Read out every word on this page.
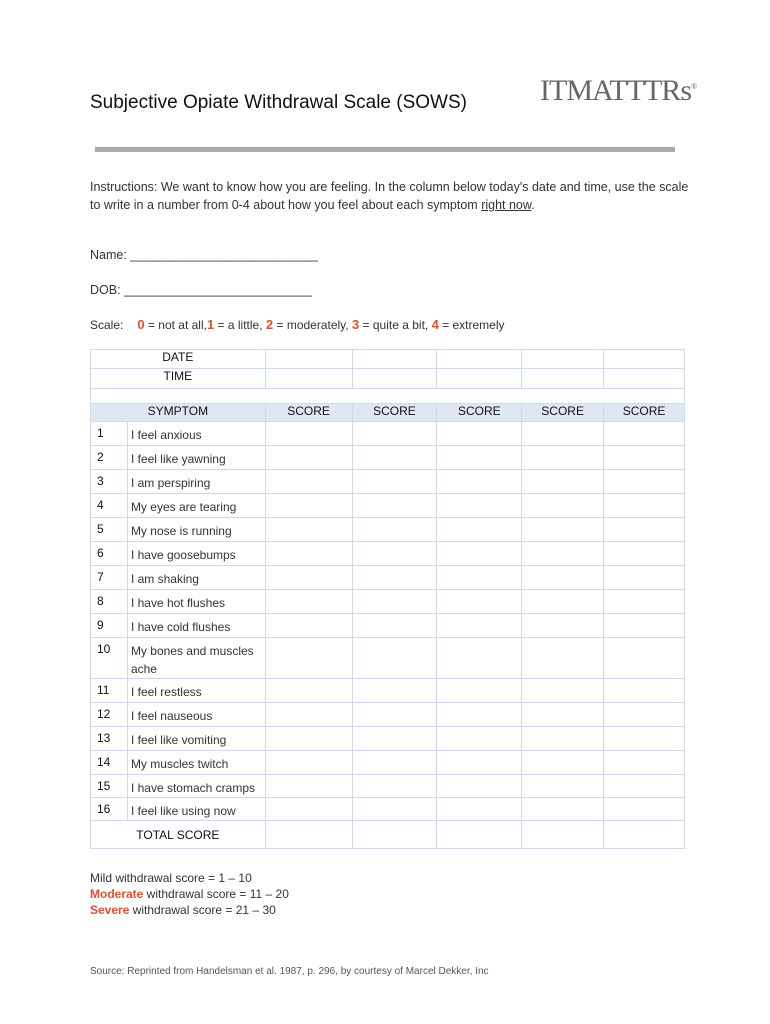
Subjective Opiate Withdrawal Scale (SOWS) ITMATTTRs®
Instructions: We want to know how you are feeling. In the column below today's date and time, use the scale to write in a number from 0-4 about how you feel about each symptom right now.
Name: ___________________________
DOB: ___________________________
Scale: 0 = not at all,1 = a little, 2 = moderately, 3 = quite a bit, 4 = extremely
DATE						
TIME						

SYMPTOM		SCORE	SCORE	SCORE	SCORE	SCORE
1	I feel anxious					
2	I feel like yawning					
3	I am perspiring					
4	My eyes are tearing					
5	My nose is running					
6	I have goosebumps					
7	I am shaking					
8	I have hot flushes					
9	I have cold flushes					
10	My bones and muscles ache					
11	I feel restless					
12	I feel nauseous					
13	I feel like vomiting					
14	My muscles twitch					
15	I have stomach cramps					
16	I feel like using now					
TOTAL SCORE						
Mild withdrawal score = 1 – 10
Moderate withdrawal score = 11 – 20
Severe withdrawal score = 21 – 30
Source: Reprinted from Handelsman et al. 1987, p. 296, by courtesy of Marcel Dekker, Inc
